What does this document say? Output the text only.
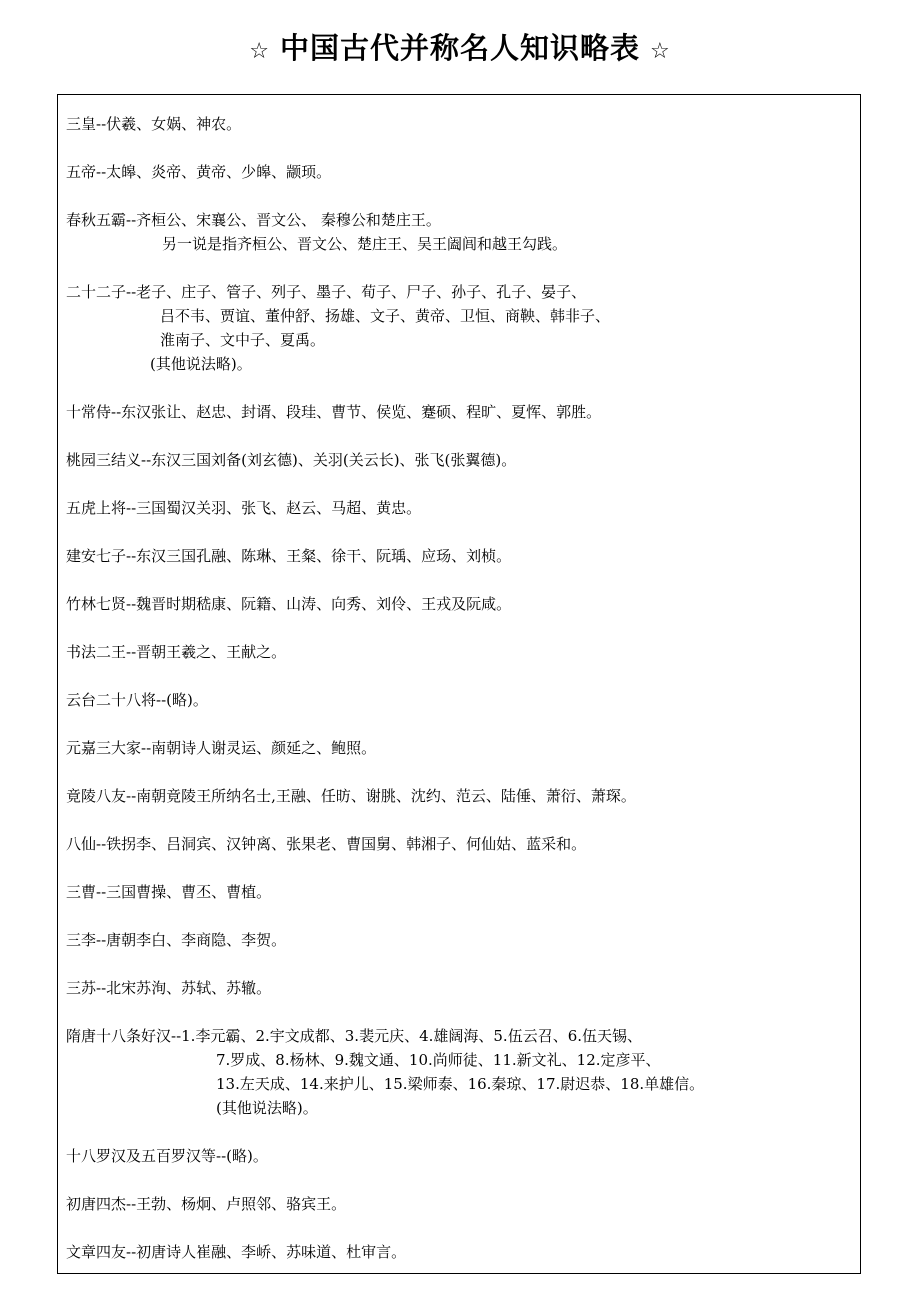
☆ 中国古代并称名人知识略表 ☆
三皇--伏羲、女娲、神农。
五帝--太皞、炎帝、黄帝、少皞、颛顼。
春秋五霸--齐桓公、宋襄公、晋文公、 秦穆公和楚庄王。
另一说是指齐桓公、晋文公、楚庄王、吴王阖闾和越王勾践。
二十二子--老子、庄子、管子、列子、墨子、荀子、尸子、孙子、孔子、晏子、
吕不韦、贾谊、董仲舒、扬雄、文子、黄帝、卫恒、商鞅、韩非子、
淮南子、文中子、夏禹。
(其他说法略)。
十常侍--东汉张让、赵忠、封谞、段珪、曹节、侯览、蹇硕、程旷、夏恽、郭胜。
桃园三结义--东汉三国刘备(刘玄德)、关羽(关云长)、张飞(张翼德)。
五虎上将--三国蜀汉关羽、张飞、赵云、马超、黄忠。
建安七子--东汉三国孔融、陈琳、王粲、徐干、阮瑀、应玚、刘桢。
竹林七贤--魏晋时期嵇康、阮籍、山涛、向秀、刘伶、王戎及阮咸。
书法二王--晋朝王羲之、王献之。
云台二十八将--(略)。
元嘉三大家--南朝诗人谢灵运、颜延之、鲍照。
竟陵八友--南朝竟陵王所纳名士,王融、任昉、谢朓、沈约、范云、陆倕、萧衍、萧琛。
八仙--铁拐李、吕洞宾、汉钟离、张果老、曹国舅、韩湘子、何仙姑、蓝采和。
三曹--三国曹操、曹丕、曹植。
三李--唐朝李白、李商隐、李贺。
三苏--北宋苏洵、苏轼、苏辙。
隋唐十八条好汉--1.李元霸、2.宇文成都、3.裴元庆、4.雄阔海、5.伍云召、6.伍天锡、
7.罗成、8.杨林、9.魏文通、10.尚师徒、11.新文礼、12.定彦平、
13.左天成、14.来护儿、15.梁师泰、16.秦琼、17.尉迟恭、18.单雄信。
(其他说法略)。
十八罗汉及五百罗汉等--(略)。
初唐四杰--王勃、杨炯、卢照邻、骆宾王。
文章四友--初唐诗人崔融、李峤、苏味道、杜审言。
